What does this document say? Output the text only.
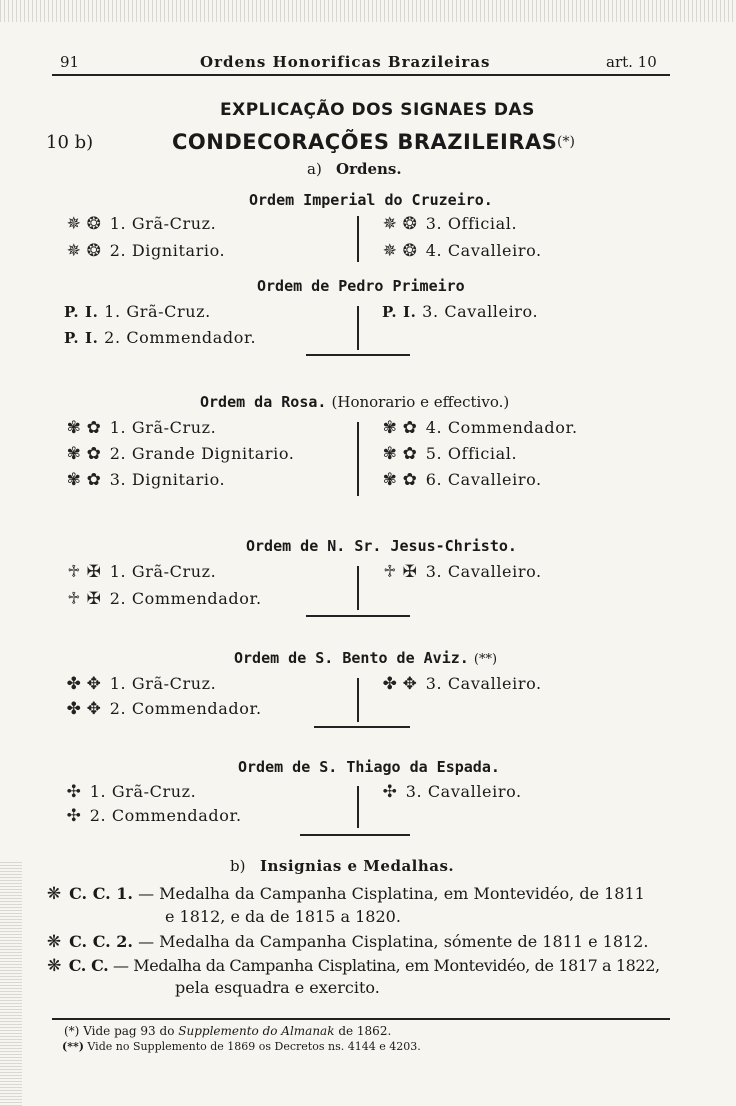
91	Ordens Honorificas Brazileiras	art. 10
EXPLICAÇÃO DOS SIGNAES DAS
10 b)	CONDECORAÇÕES BRAZILEIRAS (*)
a) Ordens.
Ordem Imperial do Cruzeiro.
✵ ❂ 1. Grã-Cruz.
✵ ❂ 2. Dignitario.
✵ ❂ 3. Official.
✵ ❂ 4. Cavalleiro.
Ordem de Pedro Primeiro
P. I. 1. Grã-Cruz.
P. I. 2. Commendador.
P. I. 3. Cavalleiro.
Ordem da Rosa. (Honorario e effectivo.)
✾ ✿ 1. Grã-Cruz.
✾ ✿ 2. Grande Dignitario.
✾ ✿ 3. Dignitario.
✾ ✿ 4. Commendador.
✾ ✿ 5. Official.
✾ ✿ 6. Cavalleiro.
Ordem de N. Sr. Jesus-Christo.
♱ ✠ 1. Grã-Cruz.
♱ ✠ 2. Commendador.
♱ ✠ 3. Cavalleiro.
Ordem de S. Bento de Aviz. (**)
✤ ✥ 1. Grã-Cruz.
✤ ✥ 2. Commendador.
✤ ✥ 3. Cavalleiro.
Ordem de S. Thiago da Espada.
✣ 1. Grã-Cruz.
✣ 2. Commendador.
✣ 3. Cavalleiro.
b) Insignias e Medalhas.
❋ C. C. 1. — Medalha da Campanha Cisplatina, em Montevidéo, de 1811
e 1812, e da de 1815 a 1820.
❋ C. C. 2. — Medalha da Campanha Cisplatina, sómente de 1811 e 1812.
❋ C. C. — Medalha da Campanha Cisplatina, em Montevidéo, de 1817 a 1822,
pela esquadra e exercito.
(*) Vide pag 93 do Supplemento do Almanak de 1862.
(**) Vide no Supplemento de 1869 os Decretos ns. 4144 e 4203.
